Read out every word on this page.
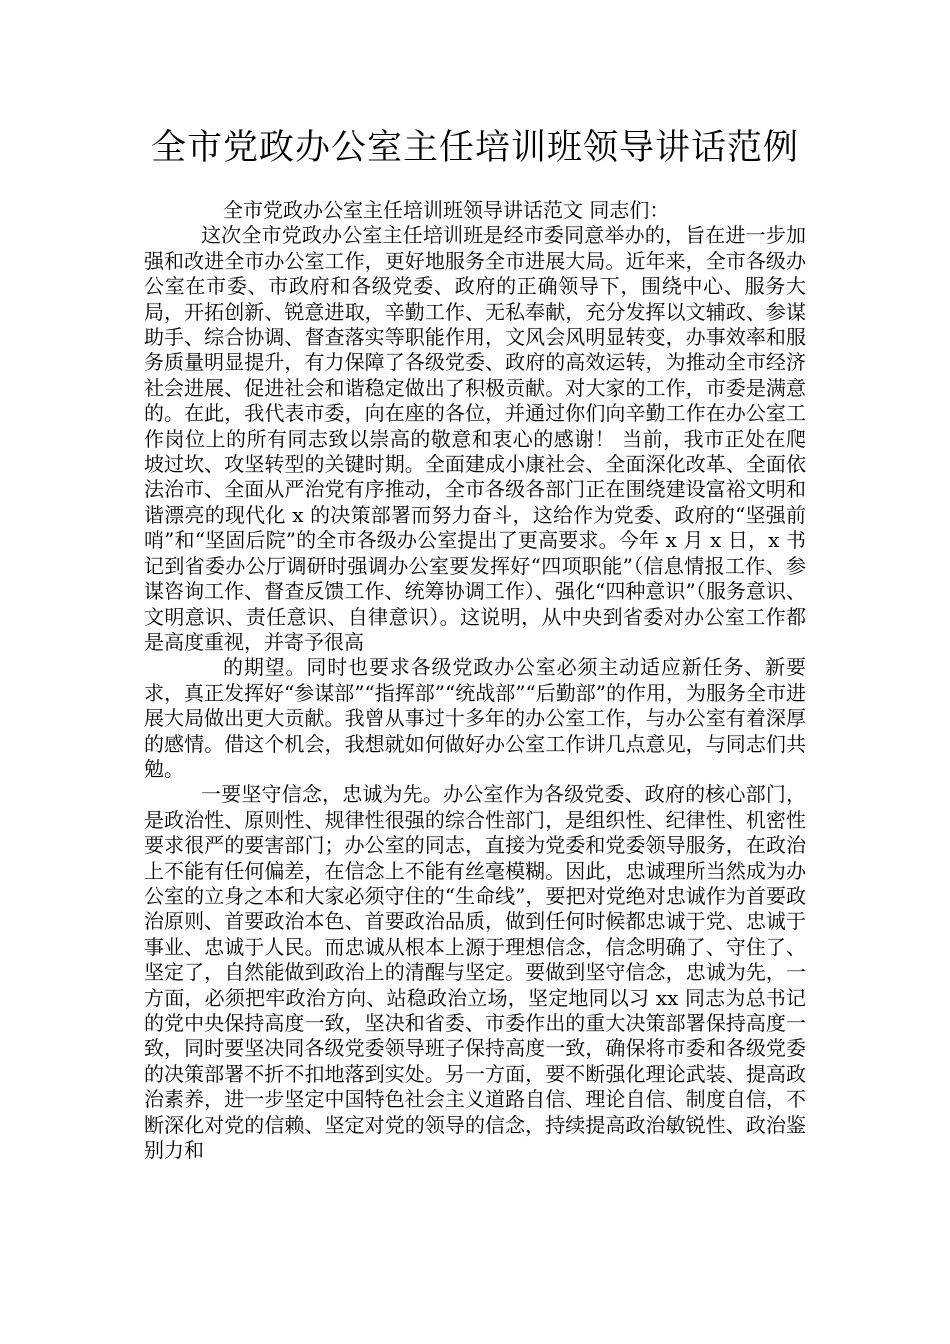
全市党政办公室主任培训班领导讲话范例

全市党政办公室主任培训班领导讲话范文 同志们：

这次全市党政办公室主任培训班是经市委同意举办的，旨在进一步加强和改进全市办公室工作，更好地服务全市进展大局。近年来，全市各级办公室在市委、市政府和各级党委、政府的正确领导下，围绕中心、服务大局，开拓创新、锐意进取，辛勤工作、无私奉献，充分发挥以文辅政、参谋助手、综合协调、督查落实等职能作用，文风会风明显转变，办事效率和服务质量明显提升，有力保障了各级党委、政府的高效运转，为推动全市经济社会进展、促进社会和谐稳定做出了积极贡献。对大家的工作，市委是满意的。在此，我代表市委，向在座的各位，并通过你们向辛勤工作在办公室工作岗位上的所有同志致以崇高的敬意和衷心的感谢！ 当前，我市正处在爬坡过坎、攻坚转型的关键时期。全面建成小康社会、全面深化改革、全面依法治市、全面从严治党有序推动，全市各级各部门正在围绕建设富裕文明和谐漂亮的现代化 x 的决策部署而努力奋斗，这给作为党委、政府的“坚强前哨”和“坚固后院”的全市各级办公室提出了更高要求。今年 x 月 x 日，x 书记到省委办公厅调研时强调办公室要发挥好“四项职能”（信息情报工作、参谋咨询工作、督查反馈工作、统筹协调工作）、强化“四种意识”（服务意识、文明意识、责任意识、自律意识）。这说明，从中央到省委对办公室工作都是高度重视，并寄予很高

的期望。同时也要求各级党政办公室必须主动适应新任务、新要求，真正发挥好“参谋部”“指挥部”“统战部”“后勤部”的作用，为服务全市进展大局做出更大贡献。我曾从事过十多年的办公室工作，与办公室有着深厚的感情。借这个机会，我想就如何做好办公室工作讲几点意见，与同志们共勉。

一要坚守信念，忠诚为先。办公室作为各级党委、政府的核心部门，是政治性、原则性、规律性很强的综合性部门，是组织性、纪律性、机密性要求很严的要害部门；办公室的同志，直接为党委和党委领导服务，在政治上不能有任何偏差，在信念上不能有丝毫模糊。因此，忠诚理所当然成为办公室的立身之本和大家必须守住的“生命线”，要把对党绝对忠诚作为首要政治原则、首要政治本色、首要政治品质，做到任何时候都忠诚于党、忠诚于事业、忠诚于人民。而忠诚从根本上源于理想信念，信念明确了、守住了、坚定了，自然能做到政治上的清醒与坚定。要做到坚守信念，忠诚为先，一方面，必须把牢政治方向、站稳政治立场，坚定地同以习 xx 同志为总书记的党中央保持高度一致，坚决和省委、市委作出的重大决策部署保持高度一致，同时要坚决同各级党委领导班子保持高度一致，确保将市委和各级党委的决策部署不折不扣地落到实处。另一方面，要不断强化理论武装、提高政治素养，进一步坚定中国特色社会主义道路自信、理论自信、制度自信，不断深化对党的信赖、坚定对党的领导的信念，持续提高政治敏锐性、政治鉴别力和
